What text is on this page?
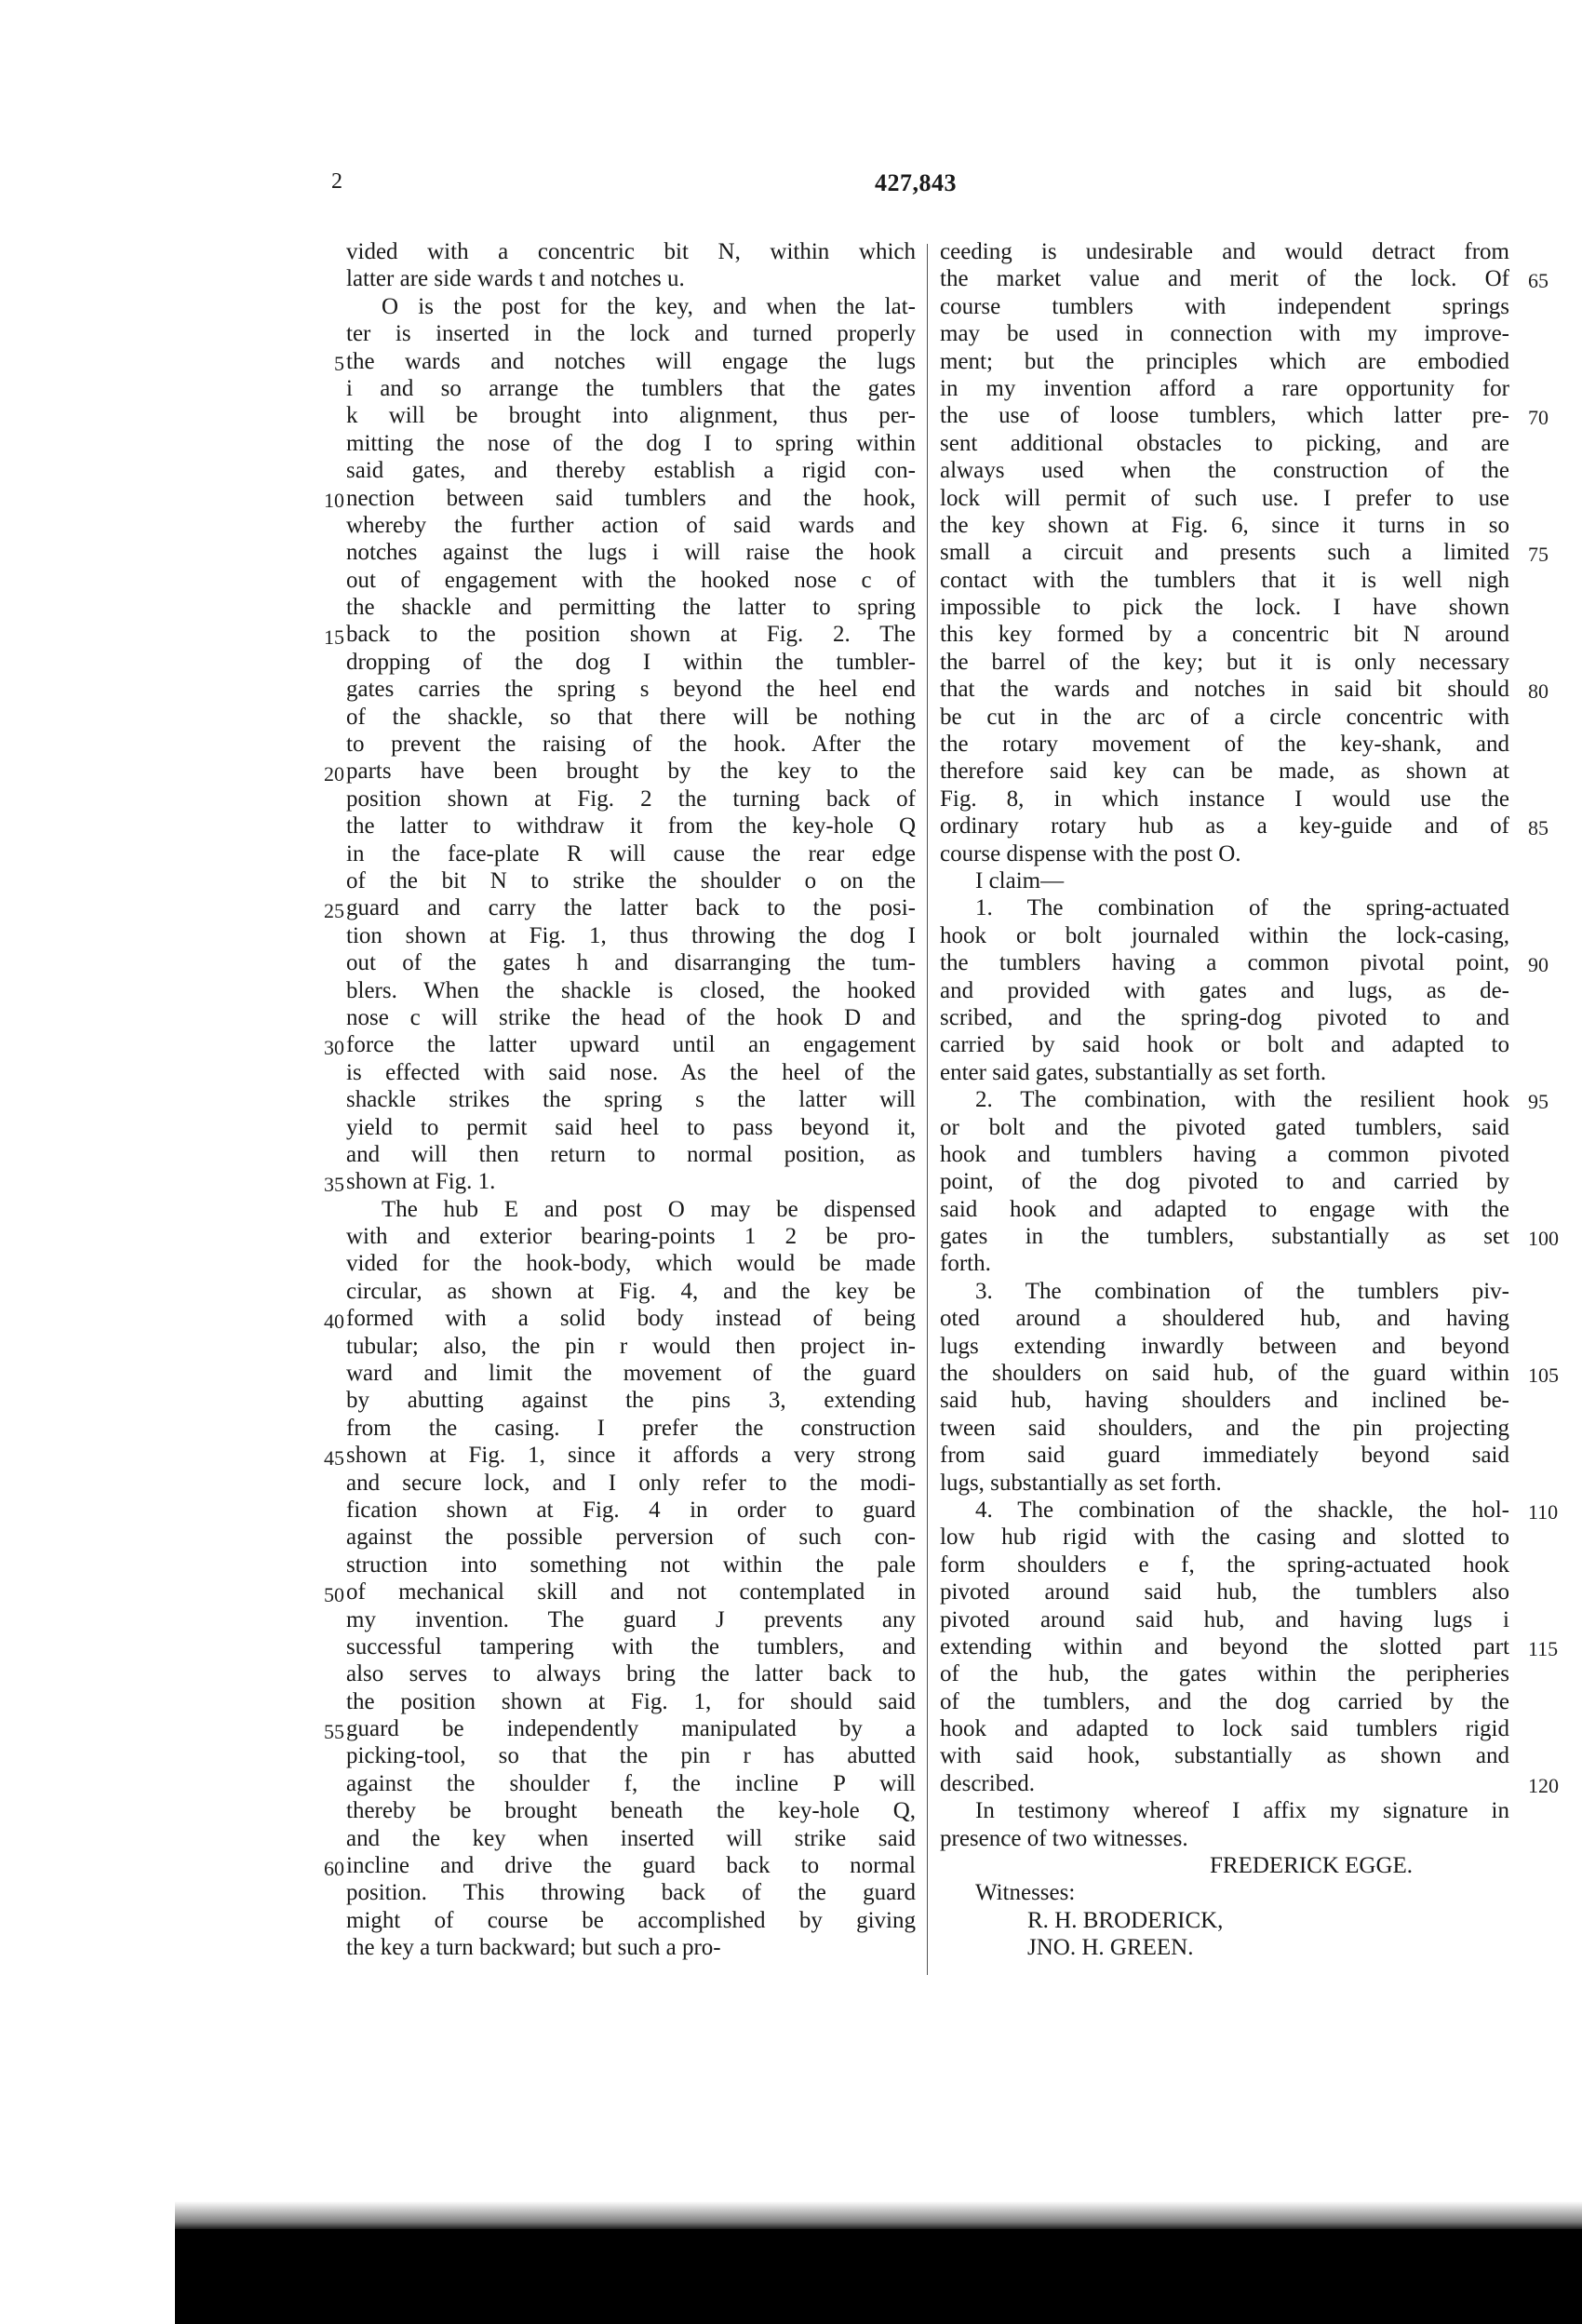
2	427,843
vided with a concentric bit N, within which
latter are side wards t and notches u.
O is the post for the key, and when the lat-
ter is inserted in the lock and turned properly
the wards and notches will engage the lugs
i and so arrange the tumblers that the gates
k will be brought into alignment, thus per-
mitting the nose of the dog I to spring within
said gates, and thereby establish a rigid con-
nection between said tumblers and the hook,
whereby the further action of said wards and
notches against the lugs i will raise the hook
out of engagement with the hooked nose c of
the shackle and permitting the latter to spring
back to the position shown at Fig. 2. The
dropping of the dog I within the tumbler-
gates carries the spring s beyond the heel end
of the shackle, so that there will be nothing
to prevent the raising of the hook. After the
parts have been brought by the key to the
position shown at Fig. 2 the turning back of
the latter to withdraw it from the key-hole Q
in the face-plate R will cause the rear edge
of the bit N to strike the shoulder o on the
guard and carry the latter back to the posi-
tion shown at Fig. 1, thus throwing the dog I
out of the gates h and disarranging the tum-
blers. When the shackle is closed, the hooked
nose c will strike the head of the hook D and
force the latter upward until an engagement
is effected with said nose. As the heel of the
shackle strikes the spring s the latter will
yield to permit said heel to pass beyond it,
and will then return to normal position, as
shown at Fig. 1.
The hub E and post O may be dispensed
with and exterior bearing-points 1 2 be pro-
vided for the hook-body, which would be made
circular, as shown at Fig. 4, and the key be
formed with a solid body instead of being
tubular; also, the pin r would then project in-
ward and limit the movement of the guard
by abutting against the pins 3, extending
from the casing. I prefer the construction
shown at Fig. 1, since it affords a very strong
and secure lock, and I only refer to the modi-
fication shown at Fig. 4 in order to guard
against the possible perversion of such con-
struction into something not within the pale
of mechanical skill and not contemplated in
my invention. The guard J prevents any
successful tampering with the tumblers, and
also serves to always bring the latter back to
the position shown at Fig. 1, for should said
guard be independently manipulated by a
picking-tool, so that the pin r has abutted
against the shoulder f, the incline P will
thereby be brought beneath the key-hole Q,
and the key when inserted will strike said
incline and drive the guard back to normal
position. This throwing back of the guard
might of course be accomplished by giving
the key a turn backward; but such a pro-
ceeding is undesirable and would detract from
the market value and merit of the lock. Of
course tumblers with independent springs
may be used in connection with my improve-
ment; but the principles which are embodied
in my invention afford a rare opportunity for
the use of loose tumblers, which latter pre-
sent additional obstacles to picking, and are
always used when the construction of the
lock will permit of such use. I prefer to use
the key shown at Fig. 6, since it turns in so
small a circuit and presents such a limited
contact with the tumblers that it is well nigh
impossible to pick the lock. I have shown
this key formed by a concentric bit N around
the barrel of the key; but it is only necessary
that the wards and notches in said bit should
be cut in the arc of a circle concentric with
the rotary movement of the key-shank, and
therefore said key can be made, as shown at
Fig. 8, in which instance I would use the
ordinary rotary hub as a key-guide and of
course dispense with the post O.
I claim—
1. The combination of the spring-actuated
hook or bolt journaled within the lock-casing,
the tumblers having a common pivotal point,
and provided with gates and lugs, as de-
scribed, and the spring-dog pivoted to and
carried by said hook or bolt and adapted to
enter said gates, substantially as set forth.
2. The combination, with the resilient hook
or bolt and the pivoted gated tumblers, said
hook and tumblers having a common pivoted
point, of the dog pivoted to and carried by
said hook and adapted to engage with the
gates in the tumblers, substantially as set
forth.
3. The combination of the tumblers piv-
oted around a shouldered hub, and having
lugs extending inwardly between and beyond
the shoulders on said hub, of the guard within
said hub, having shoulders and inclined be-
tween said shoulders, and the pin projecting
from said guard immediately beyond said
lugs, substantially as set forth.
4. The combination of the shackle, the hol-
low hub rigid with the casing and slotted to
form shoulders e f, the spring-actuated hook
pivoted around said hub, the tumblers also
pivoted around said hub, and having lugs i
extending within and beyond the slotted part
of the hub, the gates within the peripheries
of the tumblers, and the dog carried by the
hook and adapted to lock said tumblers rigid
with said hook, substantially as shown and
described.
In testimony whereof I affix my signature in
presence of two witnesses.
FREDERICK EGGE.
Witnesses:
R. H. BRODERICK,
JNO. H. GREEN.
5
10
15
20
25
30
35
40
45
50
55
60
65
70
75
80
85
90
95
100
105
110
115
120
